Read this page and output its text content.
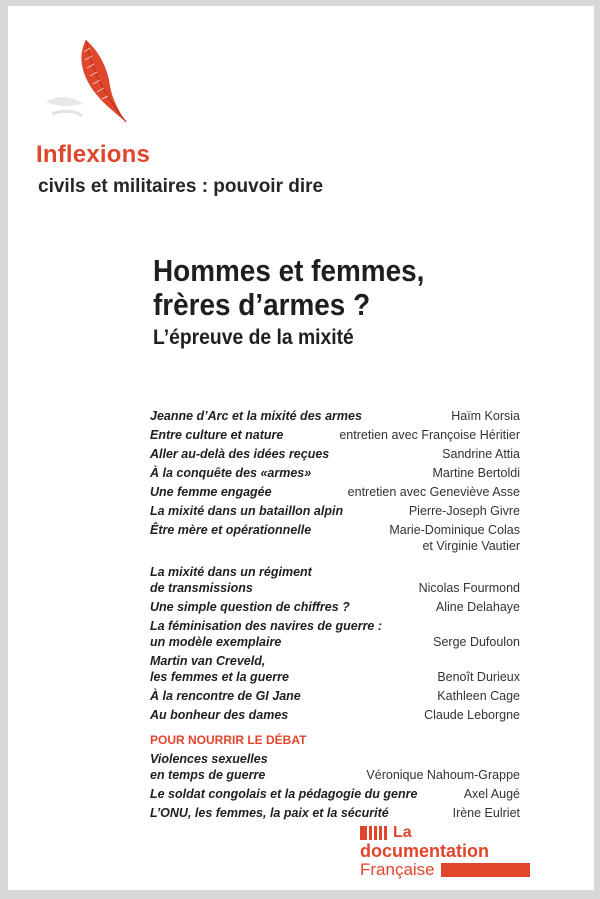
Inflexions
civils et militaires : pouvoir dire
Hommes et femmes,
frères d’armes ?
L’épreuve de la mixité
Jeanne d’Arc et la mixité des armes	Haïm Korsia
Entre culture et nature	entretien avec Françoise Héritier
Aller au-delà des idées reçues	Sandrine Attia
À la conquête des «armes»	Martine Bertoldi
Une femme engagée	entretien avec Geneviève Asse
La mixité dans un bataillon alpin	Pierre-Joseph Givre
Être mère et opérationnelle	Marie-Dominique Colas
et Virginie Vautier
La mixité dans un régiment
de transmissions	Nicolas Fourmond
Une simple question de chiffres ?	Aline Delahaye
La féminisation des navires de guerre :
un modèle exemplaire	Serge Dufoulon
Martin van Creveld,
les femmes et la guerre	Benoît Durieux
À la rencontre de GI Jane	Kathleen Cage
Au bonheur des dames	Claude Leborgne
POUR NOURRIR LE DÉBAT
Violences sexuelles
en temps de guerre	Véronique Nahoum-Grappe
Le soldat congolais et la pédagogie du genre	Axel Augé
L’ONU, les femmes, la paix et la sécurité	Irène Eulriet
La
documentation
Française
